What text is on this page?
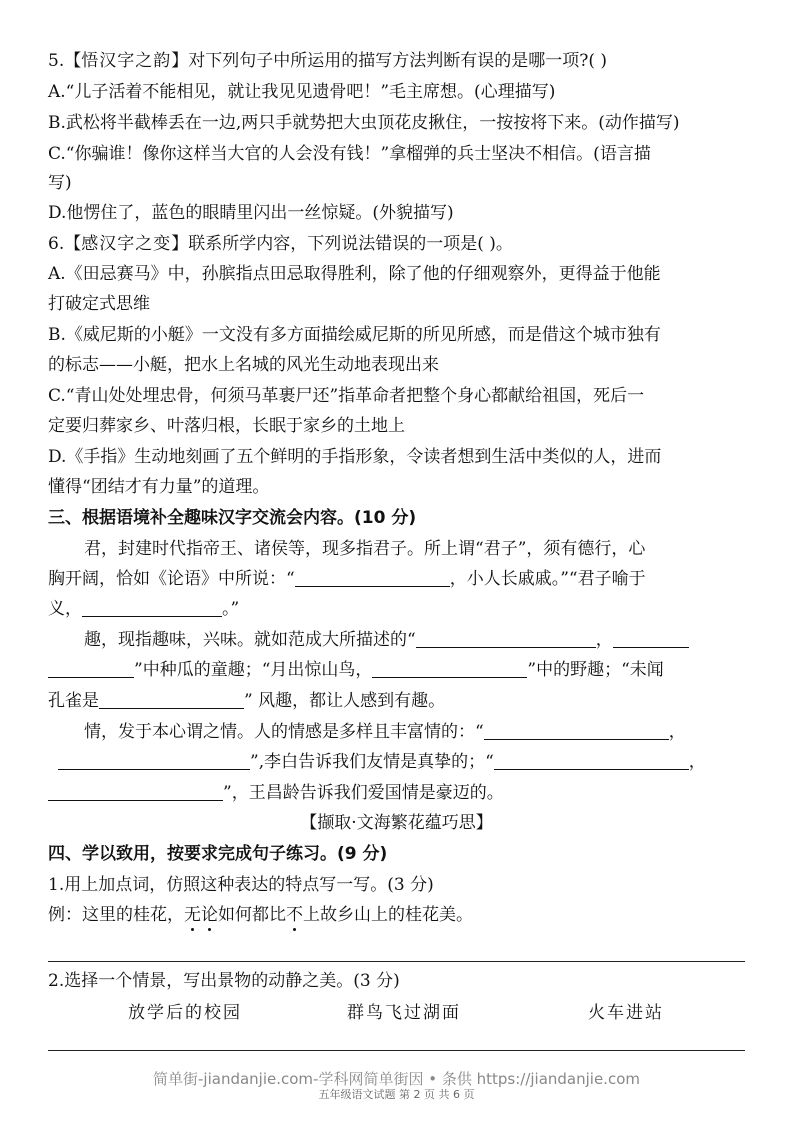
5.【悟汉字之韵】对下列句子中所运用的描写方法判断有误的是哪一项?( )
A.“儿子活着不能相见，就让我见见遗骨吧！”毛主席想。(心理描写)
B.武松将半截棒丢在一边,两只手就势把大虫顶花皮揪住，一按按将下来。(动作描写)
C.“你骗谁！像你这样当大官的人会没有钱！”拿榴弹的兵士坚决不相信。(语言描
写)
D.他愣住了，蓝色的眼睛里闪出一丝惊疑。(外貌描写)
6.【感汉字之变】联系所学内容，下列说法错误的一项是( )。
A.《田忌赛马》中，孙膑指点田忌取得胜利，除了他的仔细观察外，更得益于他能
打破定式思维
B.《威尼斯的小艇》一文没有多方面描绘威尼斯的所见所感，而是借这个城市独有
的标志——小艇，把水上名城的风光生动地表现出来
C.“青山处处埋忠骨，何须马革裹尸还”指革命者把整个身心都献给祖国，死后一
定要归葬家乡、叶落归根，长眠于家乡的土地上
D.《手指》生动地刻画了五个鲜明的手指形象，令读者想到生活中类似的人，进而
懂得“团结才有力量”的道理。
三、根据语境补全趣味汉字交流会内容。(10 分)
君，封建时代指帝王、诸侯等，现多指君子。所上谓“君子”，须有德行，心
胸开阔，恰如《论语》中所说：“	，小人长戚戚。”“君子喻于
义，	。”
趣，现指趣味，兴味。就如范成大所描述的“	，
”中种瓜的童趣；“月出惊山鸟，	”中的野趣；“未闻
孔雀是	” 风趣，都让人感到有趣。
情，发于本心谓之情。人的情感是多样且丰富情的：“	，
”,李白告诉我们友情是真挚的；“	，
”，王昌龄告诉我们爱国情是豪迈的。
【撷取·文海繁花蕴巧思】
四、学以致用，按要求完成句子练习。(9 分)
1.用上加点词，仿照这种表达的特点写一写。(3 分)
例：这里的桂花，无论如何都比不上故乡山上的桂花美。
2.选择一个情景，写出景物的动静之美。(3 分)
放学后的校园	群鸟飞过湖面	火车进站
简单街-jiandanjie.com-学科网简单街因 • 条供 https://jiandanjie.com
五年级语文试题 第 2 页 共 6 页
